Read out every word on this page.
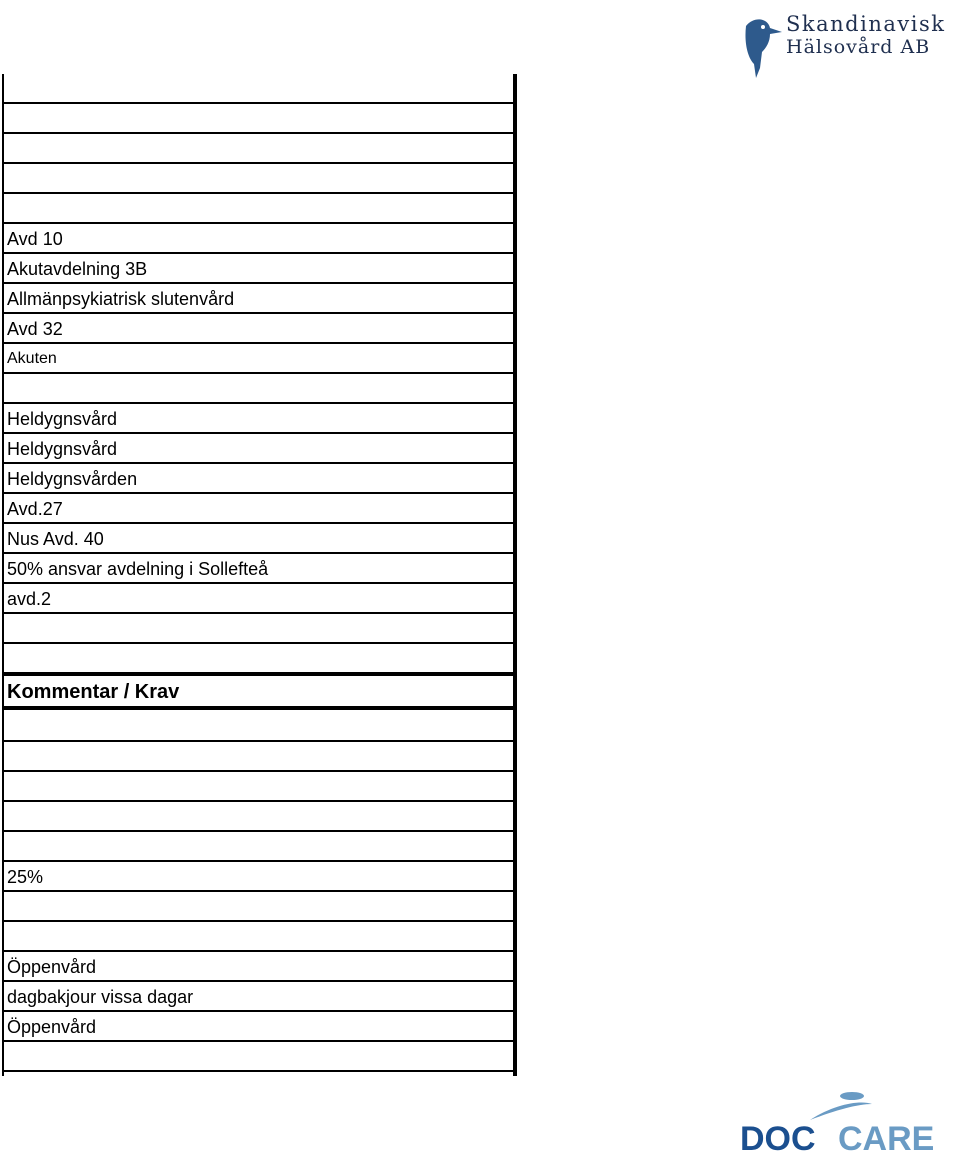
Skandinavisk
Hälsovård AB
Avd 10
Akutavdelning 3B
Allmänpsykiatrisk slutenvård
Avd 32
Akuten
Heldygnsvård
Heldygnsvård
Heldygnsvården
Avd.27
Nus Avd. 40
50% ansvar avdelning i Sollefteå
avd.2
Kommentar / Krav
25%
Öppenvård
dagbakjour vissa dagar
Öppenvård
DOC CARE
